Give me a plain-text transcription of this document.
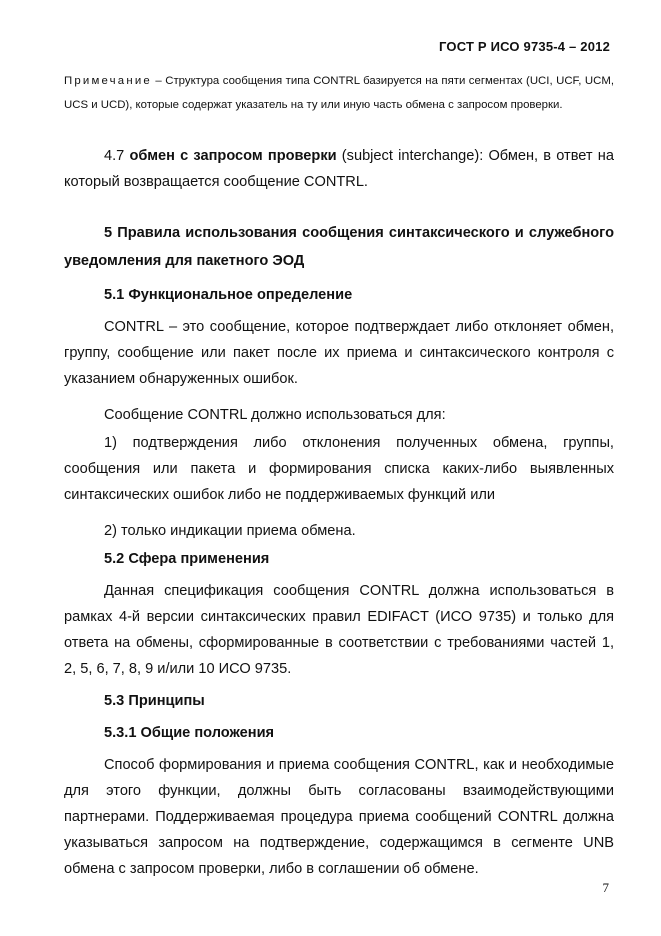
ГОСТ Р ИСО 9735-4 – 2012
Примечание – Структура сообщения типа CONTRL базируется на пяти сегментах (UCI, UCF, UCM, UCS и UCD), которые содержат указатель на ту или иную часть обмена с запросом проверки.

4.7 обмен с запросом проверки (subject interchange): Обмен, в ответ на который возвращается сообщение CONTRL.

5 Правила использования сообщения синтаксического и служебного уведомления для пакетного ЭОД

5.1 Функциональное определение

CONTRL – это сообщение, которое подтверждает либо отклоняет обмен, группу, сообщение или пакет после их приема и синтаксического контроля с указанием обнаруженных ошибок.

Сообщение CONTRL должно использоваться для:

1) подтверждения либо отклонения полученных обмена, группы, сообщения или пакета и формирования списка каких-либо выявленных синтаксических ошибок либо не поддерживаемых функций или

2) только индикации приема обмена.

5.2 Сфера применения

Данная спецификация сообщения CONTRL должна использоваться в рамках 4-й версии синтаксических правил EDIFACT (ИСО 9735) и только для ответа на обмены, сформированные в соответствии с требованиями частей 1, 2, 5, 6, 7, 8, 9 и/или 10 ИСО 9735.

5.3 Принципы

5.3.1 Общие положения

Способ формирования и приема сообщения CONTRL, как и необходимые для этого функции, должны быть согласованы взаимодействующими партнерами. Поддерживаемая процедура приема сообщений CONTRL должна указываться запросом на подтверждение, содержащимся в сегменте UNB обмена с запросом проверки, либо в соглашении об обмене.

7
